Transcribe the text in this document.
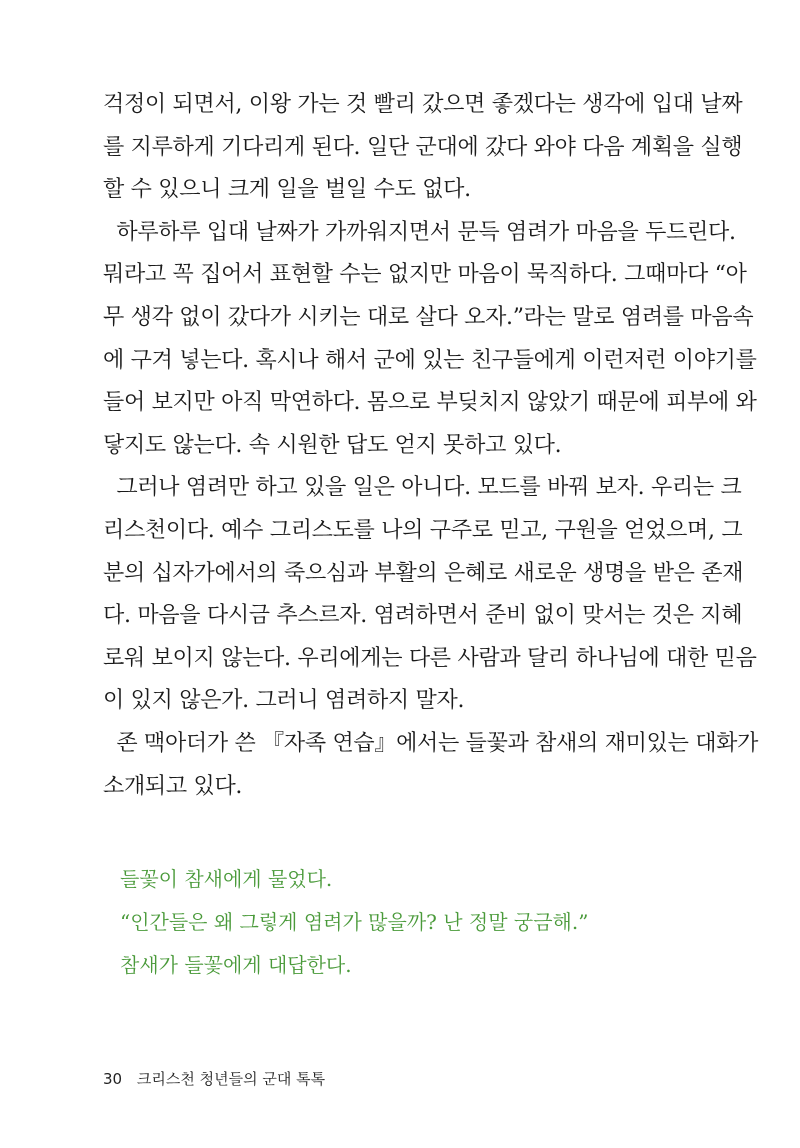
걱정이 되면서, 이왕 가는 것 빨리 갔으면 좋겠다는 생각에 입대 날짜
를 지루하게 기다리게 된다. 일단 군대에 갔다 와야 다음 계획을 실행
할 수 있으니 크게 일을 벌일 수도 없다.
하루하루 입대 날짜가 가까워지면서 문득 염려가 마음을 두드린다.
뭐라고 꼭 집어서 표현할 수는 없지만 마음이 묵직하다. 그때마다 “아
무 생각 없이 갔다가 시키는 대로 살다 오자.”라는 말로 염려를 마음속
에 구겨 넣는다. 혹시나 해서 군에 있는 친구들에게 이런저런 이야기를
들어 보지만 아직 막연하다. 몸으로 부딪치지 않았기 때문에 피부에 와
닿지도 않는다. 속 시원한 답도 얻지 못하고 있다.
그러나 염려만 하고 있을 일은 아니다. 모드를 바꿔 보자. 우리는 크
리스천이다. 예수 그리스도를 나의 구주로 믿고, 구원을 얻었으며, 그
분의 십자가에서의 죽으심과 부활의 은혜로 새로운 생명을 받은 존재
다. 마음을 다시금 추스르자. 염려하면서 준비 없이 맞서는 것은 지혜
로워 보이지 않는다. 우리에게는 다른 사람과 달리 하나님에 대한 믿음
이 있지 않은가. 그러니 염려하지 말자.
존 맥아더가 쓴 『자족 연습』에서는 들꽃과 참새의 재미있는 대화가
소개되고 있다.
들꽃이 참새에게 물었다.
“인간들은 왜 그렇게 염려가 많을까? 난 정말 궁금해.”
참새가 들꽃에게 대답한다.
30 크리스천 청년들의 군대 톡톡
